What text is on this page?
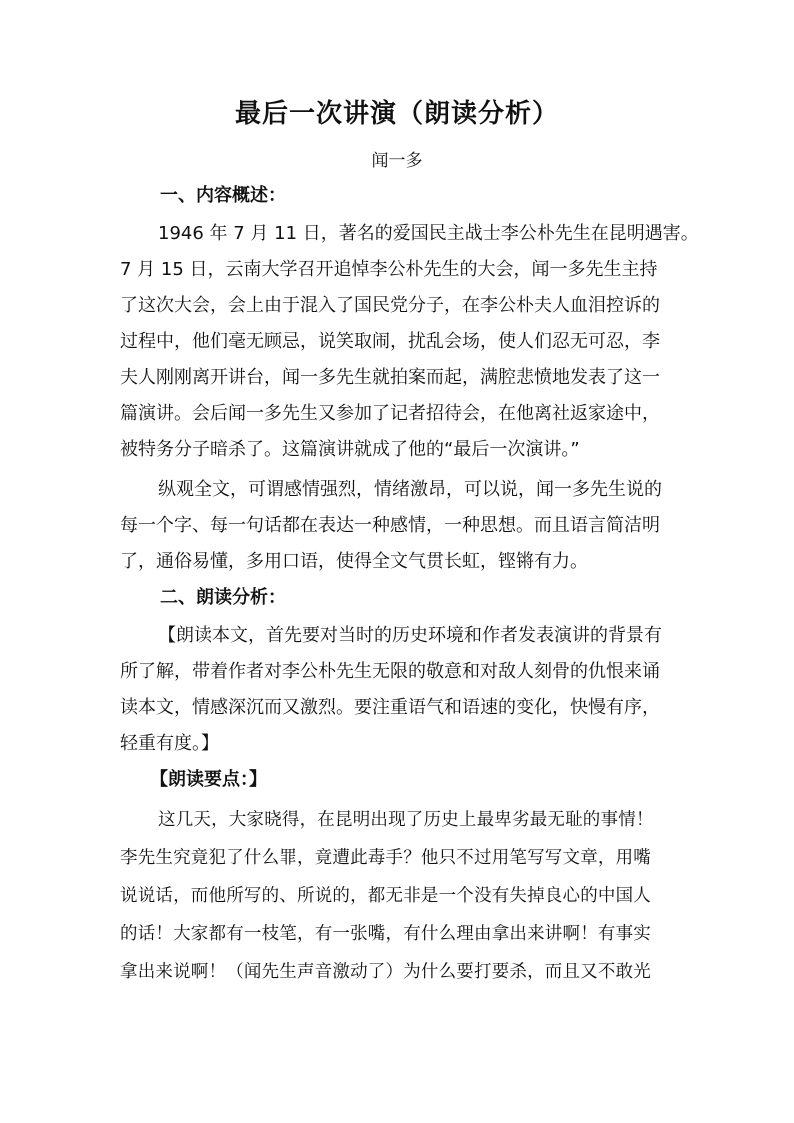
最后一次讲演（朗读分析）
闻一多
一、内容概述：
1946 年 7 月 11 日，著名的爱国民主战士李公朴先生在昆明遇害。
7 月 15 日，云南大学召开追悼李公朴先生的大会，闻一多先生主持
了这次大会，会上由于混入了国民党分子，在李公朴夫人血泪控诉的
过程中，他们毫无顾忌，说笑取闹，扰乱会场，使人们忍无可忍，李
夫人刚刚离开讲台，闻一多先生就拍案而起，满腔悲愤地发表了这一
篇演讲。会后闻一多先生又参加了记者招待会，在他离社返家途中，
被特务分子暗杀了。这篇演讲就成了他的“最后一次演讲。”
纵观全文，可谓感情强烈，情绪激昂，可以说，闻一多先生说的
每一个字、每一句话都在表达一种感情，一种思想。而且语言简洁明
了，通俗易懂，多用口语，使得全文气贯长虹，铿锵有力。
二、朗读分析：
【朗读本文，首先要对当时的历史环境和作者发表演讲的背景有
所了解，带着作者对李公朴先生无限的敬意和对敌人刻骨的仇恨来诵
读本文，情感深沉而又激烈。要注重语气和语速的变化，快慢有序，
轻重有度。】
【朗读要点：】
这几天，大家晓得，在昆明出现了历史上最卑劣最无耻的事情！
李先生究竟犯了什么罪，竟遭此毒手？他只不过用笔写写文章，用嘴
说说话，而他所写的、所说的，都无非是一个没有失掉良心的中国人
的话！大家都有一枝笔，有一张嘴，有什么理由拿出来讲啊！有事实
拿出来说啊！（闻先生声音激动了）为什么要打要杀，而且又不敢光
